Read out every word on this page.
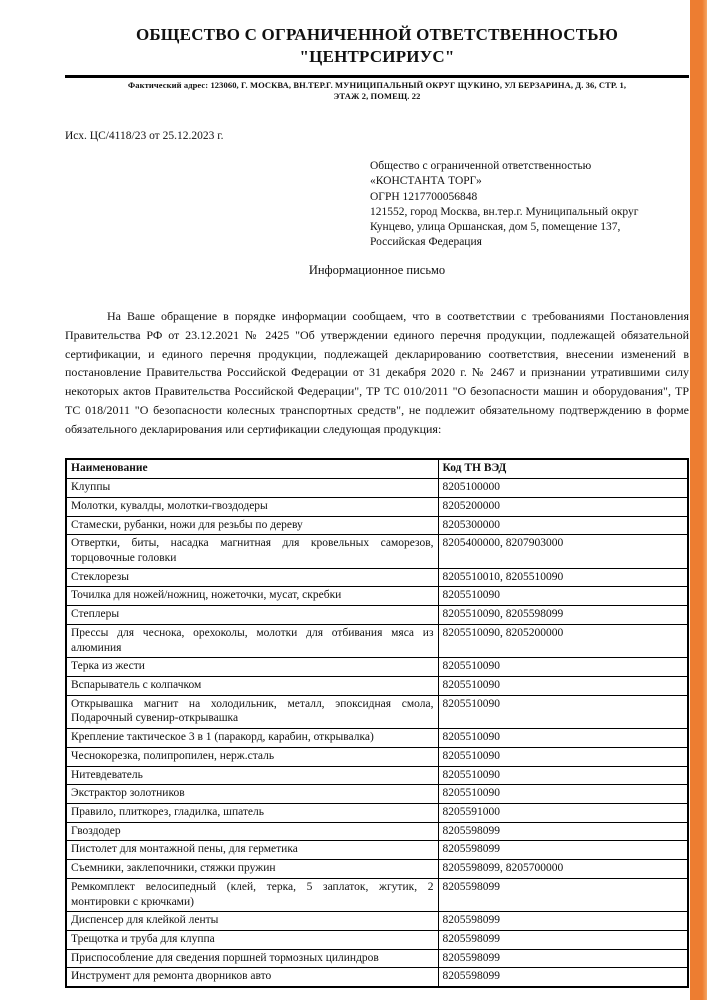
ОБЩЕСТВО С ОГРАНИЧЕННОЙ ОТВЕТСТВЕННОСТЬЮ
"ЦЕНТРСИРИУС"
Фактический адрес: 123060, Г. МОСКВА, ВН.ТЕР.Г. МУНИЦИПАЛЬНЫЙ ОКРУГ ЩУКИНО, УЛ БЕРЗАРИНА, Д. 36, СТР. 1,
ЭТАЖ 2, ПОМЕЩ. 22
Исх. ЦС/4118/23 от 25.12.2023 г.
Общество с ограниченной ответственностью
«КОНСТАНТА ТОРГ»
ОГРН 1217700056848
121552, город Москва, вн.тер.г. Муниципальный округ
Кунцево, улица Оршанская, дом 5, помещение 137,
Российская Федерация
Информационное письмо
На Ваше обращение в порядке информации сообщаем, что в соответствии с требованиями Постановления Правительства РФ от 23.12.2021 № 2425 "Об утверждении единого перечня продукции, подлежащей обязательной сертификации, и единого перечня продукции, подлежащей декларированию соответствия, внесении изменений в постановление Правительства Российской Федерации от 31 декабря 2020 г. № 2467 и признании утратившими силу некоторых актов Правительства Российской Федерации", ТР ТС 010/2011 "О безопасности машин и оборудования", ТР ТС 018/2011 "О безопасности колесных транспортных средств", не подлежит обязательному подтверждению в форме обязательного декларирования или сертификации следующая продукция:
Наименование	Код ТН ВЭД
Клуппы	8205100000
Молотки, кувалды, молотки-гвоздодеры	8205200000
Стамески, рубанки, ножи для резьбы по дереву	8205300000
Отвертки, биты, насадка магнитная для кровельных саморезов, торцовочные головки	8205400000, 8207903000
Стеклорезы	8205510010, 8205510090
Точилка для ножей/ножниц, ножеточки, мусат, скребки	8205510090
Степлеры	8205510090, 8205598099
Прессы для чеснока, орехоколы, молотки для отбивания мяса из алюминия	8205510090, 8205200000
Терка из жести	8205510090
Вспарыватель с колпачком	8205510090
Открывашка магнит на холодильник, металл, эпоксидная смола, Подарочный сувенир-открывашка	8205510090
Крепление тактическое 3 в 1 (паракорд, карабин, открывалка)	8205510090
Чеснокорезка, полипропилен, нерж.сталь	8205510090
Нитевдеватель	8205510090
Экстрактор золотников	8205510090
Правило, плиткорез, гладилка, шпатель	8205591000
Гвоздодер	8205598099
Пистолет для монтажной пены, для герметика	8205598099
Съемники, заклепочники, стяжки пружин	8205598099, 8205700000
Ремкомплект велосипедный (клей, терка, 5 заплаток, жгутик, 2 монтировки с крючками)	8205598099
Диспенсер для клейкой ленты	8205598099
Трещотка и труба для клуппа	8205598099
Приспособление для сведения поршней тормозных цилиндров	8205598099
Инструмент для ремонта дворников авто	8205598099
